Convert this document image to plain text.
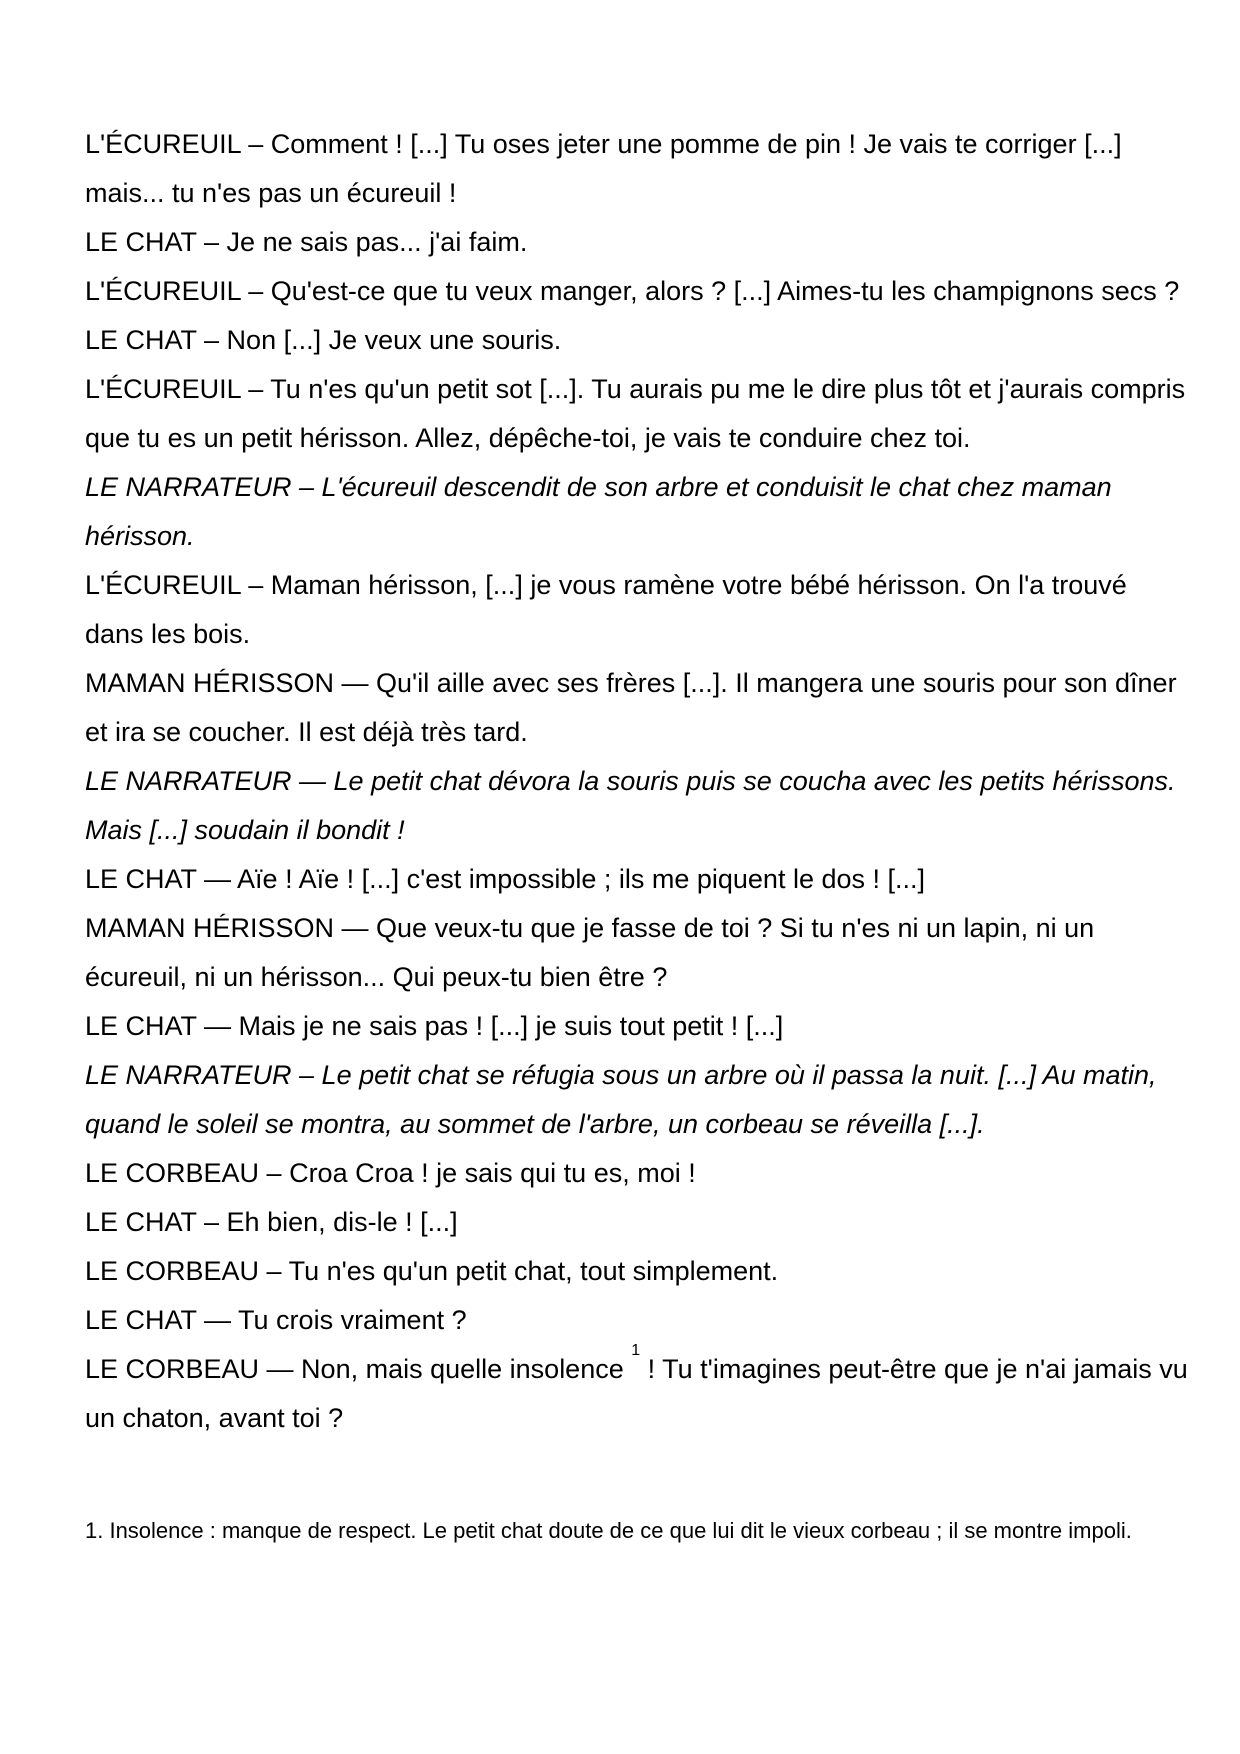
L'ÉCUREUIL – Comment ! [...] Tu oses jeter une pomme de pin ! Je vais te corriger [...] mais... tu n'es pas un écureuil !

LE CHAT – Je ne sais pas... j'ai faim.

L'ÉCUREUIL – Qu'est-ce que tu veux manger, alors ? [...] Aimes-tu les champignons secs ?

LE CHAT – Non [...] Je veux une souris.

L'ÉCUREUIL – Tu n'es qu'un petit sot [...]. Tu aurais pu me le dire plus tôt et j'aurais compris que tu es un petit hérisson. Allez, dépêche-toi, je vais te conduire chez toi.

LE NARRATEUR – L'écureuil descendit de son arbre et conduisit le chat chez maman hérisson.

L'ÉCUREUIL – Maman hérisson, [...] je vous ramène votre bébé hérisson. On l'a trouvé dans les bois.

MAMAN HÉRISSON — Qu'il aille avec ses frères [...]. Il mangera une souris pour son dîner et ira se coucher. Il est déjà très tard.

LE NARRATEUR — Le petit chat dévora la souris puis se coucha avec les petits hérissons. Mais [...] soudain il bondit !

LE CHAT — Aïe ! Aïe ! [...] c'est impossible ; ils me piquent le dos ! [...]

MAMAN HÉRISSON — Que veux-tu que je fasse de toi ? Si tu n'es ni un lapin, ni un écureuil, ni un hérisson... Qui peux-tu bien être ?

LE CHAT — Mais je ne sais pas ! [...] je suis tout petit ! [...]

LE NARRATEUR – Le petit chat se réfugia sous un arbre où il passa la nuit. [...] Au matin, quand le soleil se montra, au sommet de l'arbre, un corbeau se réveilla [...].

LE CORBEAU – Croa Croa ! je sais qui tu es, moi !

LE CHAT – Eh bien, dis-le ! [...]

LE CORBEAU – Tu n'es qu'un petit chat, tout simplement.

LE CHAT — Tu crois vraiment ?

LE CORBEAU — Non, mais quelle insolence $^1$ ! Tu t'imagines peut-être que je n'ai jamais vu un chaton, avant toi ?

1. Insolence : manque de respect. Le petit chat doute de ce que lui dit le vieux corbeau ; il se montre impoli.
